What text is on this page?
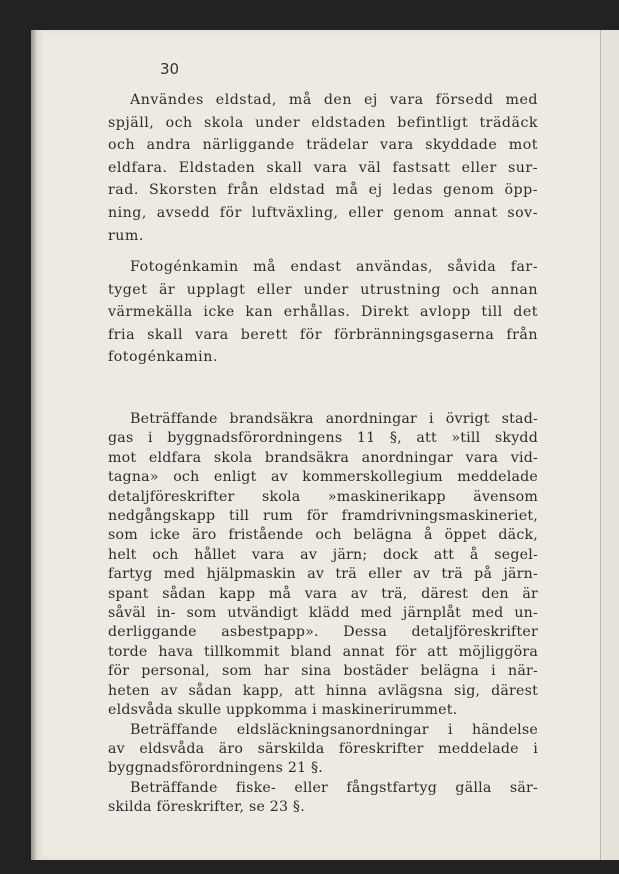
30
Användes eldstad, må den ej vara försedd med
spjäll, och skola under eldstaden befintligt trädäck
och andra närliggande trädelar vara skyddade mot
eldfara. Eldstaden skall vara väl fastsatt eller sur-
rad. Skorsten från eldstad må ej ledas genom öpp-
ning, avsedd för luftväxling, eller genom annat sov-
rum.
Fotogénkamin må endast användas, såvida far-
tyget är upplagt eller under utrustning och annan
värmekälla icke kan erhållas. Direkt avlopp till det
fria skall vara berett för förbränningsgaserna från
fotogénkamin.
Beträffande brandsäkra anordningar i övrigt stad-
gas i byggnadsförordningens 11 §, att »till skydd
mot eldfara skola brandsäkra anordningar vara vid-
tagna» och enligt av kommerskollegium meddelade
detaljföreskrifter skola »maskinerikapp ävensom
nedgångskapp till rum för framdrivningsmaskineriet,
som icke äro fristående och belägna å öppet däck,
helt och hållet vara av järn; dock att å segel-
fartyg med hjälpmaskin av trä eller av trä på järn-
spant sådan kapp må vara av trä, därest den är
såväl in- som utvändigt klädd med järnplåt med un-
derliggande asbestpapp». Dessa detaljföreskrifter
torde hava tillkommit bland annat för att möjliggöra
för personal, som har sina bostäder belägna i när-
heten av sådan kapp, att hinna avlägsna sig, därest
eldsvåda skulle uppkomma i maskinerirummet.
Beträffande eldsläckningsanordningar i händelse
av eldsvåda äro särskilda föreskrifter meddelade i
byggnadsförordningens 21 §.
Beträffande fiske- eller fångstfartyg gälla sär-
skilda föreskrifter, se 23 §.
